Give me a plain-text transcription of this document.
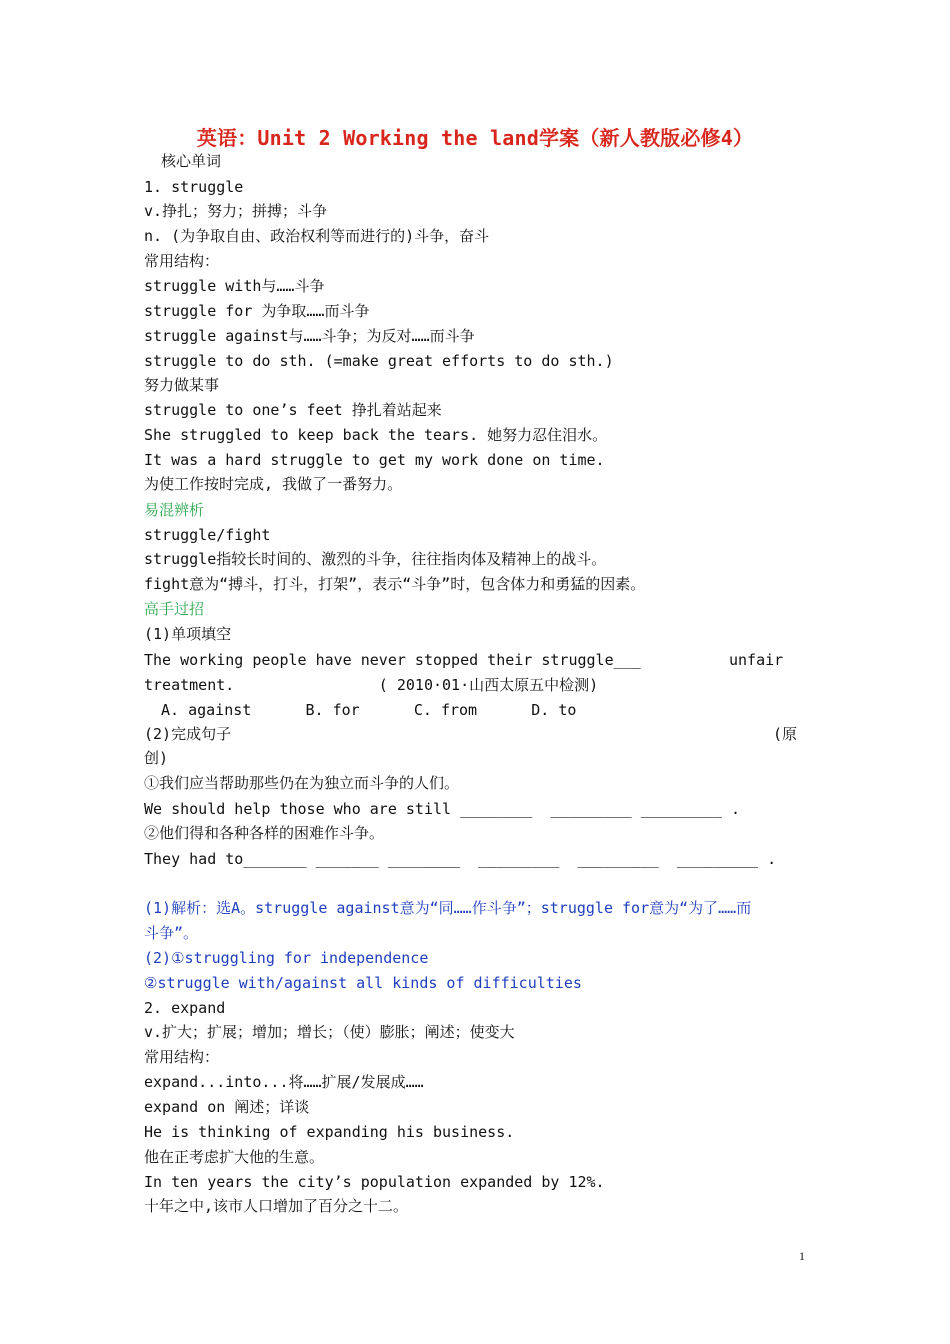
英语：Unit 2 Working the land学案（新人教版必修4）
核心单词
1. struggle
v.挣扎；努力；拼搏；斗争
n. (为争取自由、政治权利等而进行的)斗争，奋斗
常用结构：
struggle with与……斗争
struggle for 为争取……而斗争
struggle against与……斗争；为反对……而斗争
struggle to do sth. (=make great efforts to do sth.)
努力做某事
struggle to one’s feet 挣扎着站起来
She struggled to keep back the tears. 她努力忍住泪水。
It was a hard struggle to get my work done on time.
为使工作按时完成, 我做了一番努力。
易混辨析
struggle/fight
struggle指较长时间的、激烈的斗争，往往指肉体及精神上的战斗。
fight意为“搏斗，打斗，打架”，表示“斗争”时，包含体力和勇猛的因素。
高手过招
(1)单项填空
The working people have never stopped their struggle___	unfair
treatment.                ( 2010·01·山西太原五中检测)
A. against      B. for      C. from      D. to
(2)完成句子	(原
创)
①我们应当帮助那些仍在为独立而斗争的人们。
We should help those who are still ________  _________ _________ .
②他们得和各种各样的困难作斗争。
They had to_______ _______ ________  _________  _________  _________ .
(1)解析：选A。struggle against意为“同……作斗争”；struggle for意为“为了……而
斗争”。
(2)①struggling for independence
②struggle with/against all kinds of difficulties
2. expand
v.扩大；扩展；增加；增长；（使）膨胀；阐述；使变大
常用结构：
expand...into...将……扩展/发展成……
expand on 阐述；详谈
He is thinking of expanding his business.
他在正考虑扩大他的生意。
In ten years the city’s population expanded by 12%.
十年之中,该市人口增加了百分之十二。
1
